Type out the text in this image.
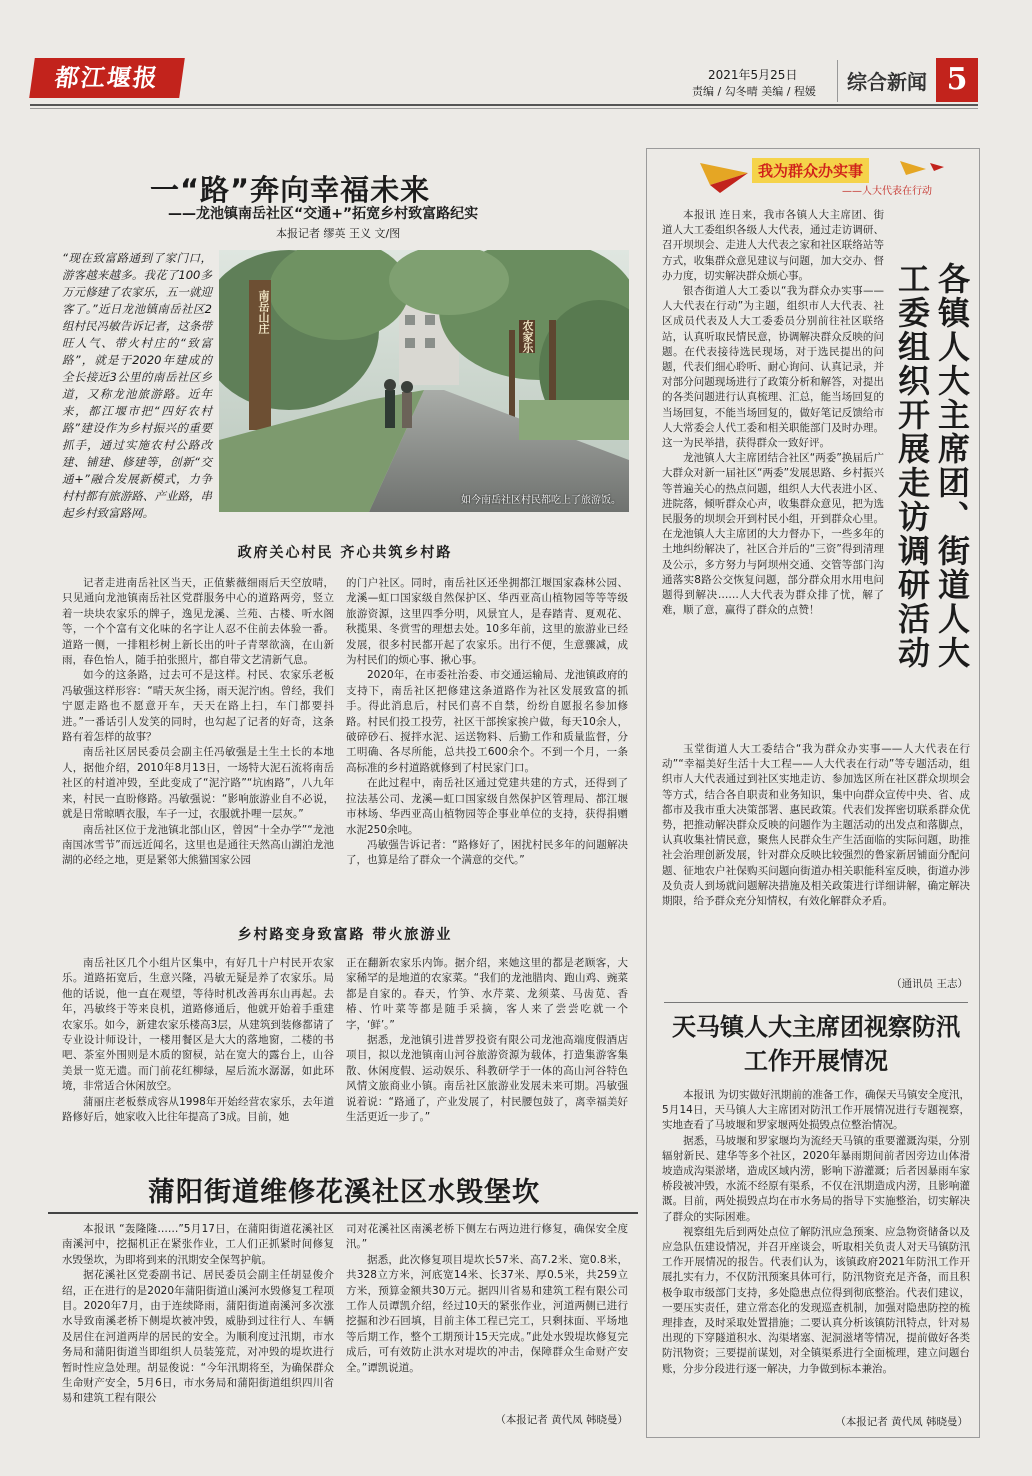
都江堰报	2021年5月25日
责编 / 勾冬晴 美编 / 程媛 综合新闻 5
一“路”奔向幸福未来
——龙池镇南岳社区“交通+”拓宽乡村致富路纪实
本报记者 缪英 王义 文/图
“现在致富路通到了家门口，游客越来越多。我花了100多万元修建了农家乐，五一就迎客了。”近日龙池镇南岳社区2组村民冯敏告诉记者，这条带旺人气、带火村庄的“致富路”，就是于2020年建成的全长接近3公里的南岳社区乡道，又称龙池旅游路。近年来，都江堰市把“四好农村路”建设作为乡村振兴的重要抓手，通过实施农村公路改建、铺建、修建等，创新“交通+”融合发展新模式，力争村村都有旅游路、产业路，串起乡村致富路网。
南岳山庄
农家乐
如今南岳社区村民都吃上了旅游饭。
政府关心村民 齐心共筑乡村路

记者走进南岳社区当天，正值紫薇细雨后天空放晴，只见通向龙池镇南岳社区党群服务中心的道路两旁，竖立着一块块农家乐的牌子，逸见龙溪、兰苑、古楼、听水阁等，一个个富有文化味的名字让人忍不住前去体验一番。道路一侧，一排粗杉树上新长出的叶子青翠欲滴，在山新雨，春色怡人，随手拍张照片，都自带文艺清新气息。

如今的这条路，过去可不是这样。村民、农家乐老板冯敏强这样形容：“晴天灰尘扬，雨天泥泞凼。曾经，我们宁愿走路也不愿意开车，天天在路上扫，车门都要抖进。”一番话引人发笑的同时，也勾起了记者的好奇，这条路有着怎样的故事？

南岳社区居民委员会副主任冯敏强是土生土长的本地人，据他介绍，2010年8月13日，一场特大泥石流将南岳社区的村道冲毁，至此变成了“泥泞路”“坑凼路”，八九年来，村民一直盼修路。冯敏强说：“影响旅游业自不必说，就是日常晾晒衣服，车子一过，衣服就扑哩一层灰。”

南岳社区位于龙池镇北部山区，曾因“十全办学”“龙池南国冰雪节”而远近闻名，这里也是通往天然高山湖泊龙池湖的必经之地，更是紧邻大熊猫国家公园

的门户社区。同时，南岳社区还坐拥都江堰国家森林公园、龙溪—虹口国家级自然保护区、华西亚高山植物园等等等级旅游资源，这里四季分明，风景宜人，是春踏青、夏观花、秋揽果、冬赏雪的理想去处。10多年前，这里的旅游业已经发展，很多村民都开起了农家乐。出行不便，生意骤减，成为村民们的烦心事、揪心事。

2020年，在市委社治委、市交通运输局、龙池镇政府的支持下，南岳社区把修建这条道路作为社区发展致富的抓手。得此消息后，村民们喜不自禁，纷纷自愿报名参加修路。村民们投工投劳，社区干部挨家挨户做，每天10余人，破碎砂石、搅拌水泥、运送物料、后勤工作和质量监督，分工明确、各尽所能，总共投工600余个。不到一个月，一条高标准的乡村道路就修到了村民家门口。

在此过程中，南岳社区通过党建共建的方式，还得到了拉法基公司、龙溪—虹口国家级自然保护区管理局、都江堰市林场、华西亚高山植物园等企事业单位的支持，获得捐赠水泥250余吨。

冯敏强告诉记者：“路修好了，困扰村民多年的问题解决了，也算是给了群众一个满意的交代。”

乡村路变身致富路 带火旅游业

南岳社区几个小组片区集中，有好几十户村民开农家乐。道路拓宽后，生意兴隆，冯敏无疑是养了农家乐。局他的话说，他一直在观望，等待时机改善再东山再起。去年，冯敏终于等来良机，道路修通后，他就开始着手重建农家乐。如今，新建农家乐楼高3层，从建筑到装修都请了专业设计师设计，一楼用餐区是大大的落地窗，二楼的书吧、茶室外围则是木质的窗棂，站在宽大的露台上，山谷美景一览无遗。而门前花红柳绿，屋后流水潺潺，如此环境，非常适合休闲放空。

蒲丽庄老板蔡成容从1998年开始经营农家乐，去年道路修好后，她家收入比往年提高了3成。目前，她

正在翻新农家乐内饰。据介绍，来她这里的都是老顾客，大家稀罕的是地道的农家菜。“我们的龙池腊肉、跑山鸡、豌菜都是自家的。春天，竹笋、水芹菜、龙须菜、马齿苋、香椿、竹叶菜等都是随手采摘，客人来了尝尝吃就一个字，‘鲜’。”

据悉，龙池镇引进普罗投资有限公司龙池高端度假酒店项目，拟以龙池镇南山河谷旅游资源为载体，打造集游客集散、休闲度假、运动娱乐、科教研学于一体的高山河谷特色风情文旅商业小镇。南岳社区旅游业发展未来可期。冯敏强说着说：“路通了，产业发展了，村民腰包鼓了，离幸福美好生活更近一步了。”

蒲阳街道维修花溪社区水毁堡坎

本报讯 “轰隆隆……”5月17日，在蒲阳街道花溪社区南溪河中，挖掘机正在紧张作业，工人们正抓紧时间修复水毁堡坎，为即将到来的汛期安全保驾护航。

据花溪社区党委副书记、居民委员会副主任胡显俊介绍，正在进行的是2020年蒲阳街道山溪河水毁修复工程项目。2020年7月，由于连续降雨，蒲阳街道南溪河多次涨水导致南溪老桥下侧堤坎被冲毁，威胁到过往行人、车辆及居住在河道两岸的居民的安全。为顺利度过汛期，市水务局和蒲阳街道当即组织人员装笼荒，对冲毁的堤坎进行暂时性应急处理。胡显俊说：“今年汛期将至，为确保群众生命财产安全，5月6日，市水务局和蒲阳街道组织四川省易和建筑工程有限公

司对花溪社区南溪老桥下侧左右两边进行修复，确保安全度汛。”

据悉，此次修复项目堤坎长57米、高7.2米、宽0.8米，共328立方米，河底宽14米、长37米、厚0.5米，共259立方米，预算金额共30万元。据四川省易和建筑工程有限公司工作人员谭凯介绍，经过10天的紧张作业，河道两侧已进行挖掘和沙石回填，目前主体工程已完工，只剩抹面、平场地等后期工作，整个工期预计15天完成。”此处水毁堤坎修复完成后，可有效防止洪水对堤坎的冲击，保障群众生命财产安全。”谭凯说道。

（本报记者 黄代凤 韩晓曼）
我为群众办实事
——人大代表在行动
各镇人大主席团、街道人大工委组织开展走访调研活动

本报讯 连日来，我市各镇人大主席团、街道人大工委组织各级人大代表，通过走访调研、召开坝坝会、走进人大代表之家和社区联络站等方式，收集群众意见建议与问题，加大交办、督办力度，切实解决群众烦心事。

银杏街道人大工委以“我为群众办实事——人大代表在行动”为主题，组织市人大代表、社区成员代表及人大工委委员分别前往社区联络站，认真听取民情民意，协调解决群众反映的问题。在代表接待选民现场，对于选民提出的问题，代表们细心聆听、耐心询问、认真记录，并对部分问题现场进行了政策分析和解答，对提出的各类问题进行认真梳理、汇总，能当场回复的当场回复，不能当场回复的，做好笔记反馈给市人大常委会人代工委和相关职能部门及时办理。这一为民举措，获得群众一致好评。

龙池镇人大主席团结合社区“两委”换届后广大群众对新一届社区“两委”发展思路、乡村振兴等普遍关心的热点问题，组织人大代表进小区、进院落，倾听群众心声，收集群众意见，把为选民服务的坝坝会开到村民小组，开到群众心里。在龙池镇人大主席团的大力督办下，一些多年的土地纠纷解决了，社区合并后的“三资”得到清理及公示，多方努力与阿坝州交通、交管等部门沟通落实8路公交恢复问题，部分群众用水用电问题得到解决……人大代表为群众排了忧，解了难，顺了意，赢得了群众的点赞！

玉堂街道人大工委结合“我为群众办实事——人大代表在行动”“幸福美好生活十大工程——人大代表在行动”等专题活动，组织市人大代表通过到社区实地走访、参加选区所在社区群众坝坝会等方式，结合各自职责和业务知识，集中向群众宣传中央、省、成都市及我市重大决策部署、惠民政策。代表们发挥密切联系群众优势，把推动解决群众反映的问题作为主题活动的出发点和落脚点，认真收集社情民意，聚焦人民群众生产生活面临的实际问题，助推社会治理创新发展，针对群众反映比较强烈的鲁家新居铺面分配问题、征地农户社保购买问题向街道办相关职能科室反映，街道办涉及负责人到场就问题解决措施及相关政策进行详细讲解，确定解决期限，给予群众充分知情权，有效化解群众矛盾。

（通讯员 王志）
天马镇人大主席团视察防汛工作开展情况

本报讯 为切实做好汛期前的准备工作，确保天马镇安全度汛，5月14日，天马镇人大主席团对防汛工作开展情况进行专题视察，实地查看了马坡堰和罗家堰两处损毁点位整治情况。

据悉，马坡堰和罗家堰均为流经天马镇的重要灌溉沟渠，分别辐射新民、建华等多个社区，2020年暴雨期间前者因旁边山体滑坡造成沟渠淤堵，造成区域内涝，影响下游灌溉；后者因暴雨车家桥段被冲毁，水流不经原有渠系，不仅在汛期造成内涝，且影响灌溉。目前，两处损毁点均在市水务局的指导下实施整治，切实解决了群众的实际困难。

视察组先后到两处点位了解防汛应急预案、应急物资储备以及应急队伍建设情况，并召开座谈会，听取相关负责人对天马镇防汛工作开展情况的报告。代表们认为，该镇政府2021年防汛工作开展扎实有力，不仅防汛预案具体可行，防汛物资充足齐备，而且积极争取市级部门支持，多处隐患点位得到彻底整治。代表们建议，一要压实责任，建立常态化的发现巡查机制，加强对隐患防控的梳理排查，及时采取处置措施；二要认真分析该镇防汛特点，针对易出现的下穿隧道积水、沟渠堵塞、泥洞滋堵等情况，提前做好各类防汛物资；三要提前谋划，对全镇渠系进行全面梳理，建立问题台账，分步分段进行逐一解决，力争做到标本兼治。

（本报记者 黄代凤 韩晓曼）
